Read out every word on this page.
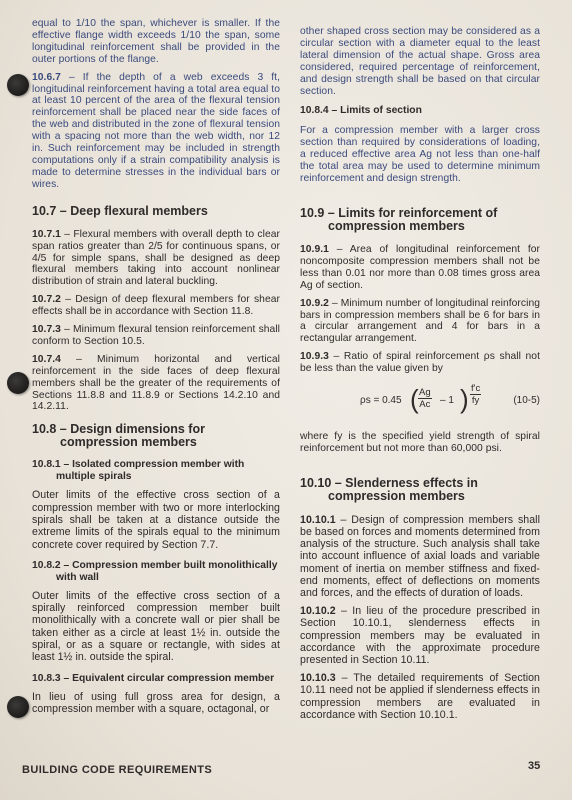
equal to 1/10 the span, whichever is smaller. If the effective flange width exceeds 1/10 the span, some longitudinal reinforcement shall be provided in the outer portions of the flange.

10.6.7 – If the depth of a web exceeds 3 ft, longitudinal reinforcement having a total area equal to at least 10 percent of the area of the flexural tension reinforcement shall be placed near the side faces of the web and distributed in the zone of flexural tension with a spacing not more than the web width, nor 12 in. Such reinforcement may be included in strength computations only if a strain compatibility analysis is made to determine stresses in the individual bars or wires.

10.7 – Deep flexural members

10.7.1 – Flexural members with overall depth to clear span ratios greater than 2/5 for continuous spans, or 4/5 for simple spans, shall be designed as deep flexural members taking into account nonlinear distribution of strain and lateral buckling.

10.7.2 – Design of deep flexural members for shear effects shall be in accordance with Section 11.8.

10.7.3 – Minimum flexural tension reinforcement shall conform to Section 10.5.

10.7.4 – Minimum horizontal and vertical reinforcement in the side faces of deep flexural members shall be the greater of the requirements of Sections 11.8.8 and 11.8.9 or Sections 14.2.10 and 14.2.11.

10.8 – Design dimensions for compression members
10.8.1 – Isolated compression member with multiple spirals

Outer limits of the effective cross section of a compression member with two or more interlocking spirals shall be taken at a distance outside the extreme limits of the spirals equal to the minimum concrete cover required by Section 7.7.

10.8.2 – Compression member built monolithically with wall

Outer limits of the effective cross section of a spirally reinforced compression member built monolithically with a concrete wall or pier shall be taken either as a circle at least 1½ in. outside the spiral, or as a square or rectangle, with sides at least 1½ in. outside the spiral.

10.8.3 – Equivalent circular compression member

In lieu of using full gross area for design, a compression member with a square, octagonal, or

other shaped cross section may be considered as a circular section with a diameter equal to the least lateral dimension of the actual shape. Gross area considered, required percentage of reinforcement, and design strength shall be based on that circular section.

10.8.4 – Limits of section

For a compression member with a larger cross section than required by considerations of loading, a reduced effective area Ag not less than one-half the total area may be used to determine minimum reinforcement and design strength.

10.9 – Limits for reinforcement of compression members

10.9.1 – Area of longitudinal reinforcement for noncomposite compression members shall not be less than 0.01 nor more than 0.08 times gross area Ag of section.

10.9.2 – Minimum number of longitudinal reinforcing bars in compression members shall be 6 for bars in a circular arrangement and 4 for bars in a rectangular arrangement.

10.9.3 – Ratio of spiral reinforcement ρs shall not be less than the value given by

ρs = 0.45 ( $\frac{Ag}{Ac} - 1$ ) $\frac{f'c}{fy}$	(10-5)

where fy is the specified yield strength of spiral reinforcement but not more than 60,000 psi.

10.10 – Slenderness effects in compression members

10.10.1 – Design of compression members shall be based on forces and moments determined from analysis of the structure. Such analysis shall take into account influence of axial loads and variable moment of inertia on member stiffness and fixed-end moments, effect of deflections on moments and forces, and the effects of duration of loads.

10.10.2 – In lieu of the procedure prescribed in Section 10.10.1, slenderness effects in compression members may be evaluated in accordance with the approximate procedure presented in Section 10.11.

10.10.3 – The detailed requirements of Section 10.11 need not be applied if slenderness effects in compression members are evaluated in accordance with Section 10.10.1.

BUILDING CODE REQUIREMENTS	35
